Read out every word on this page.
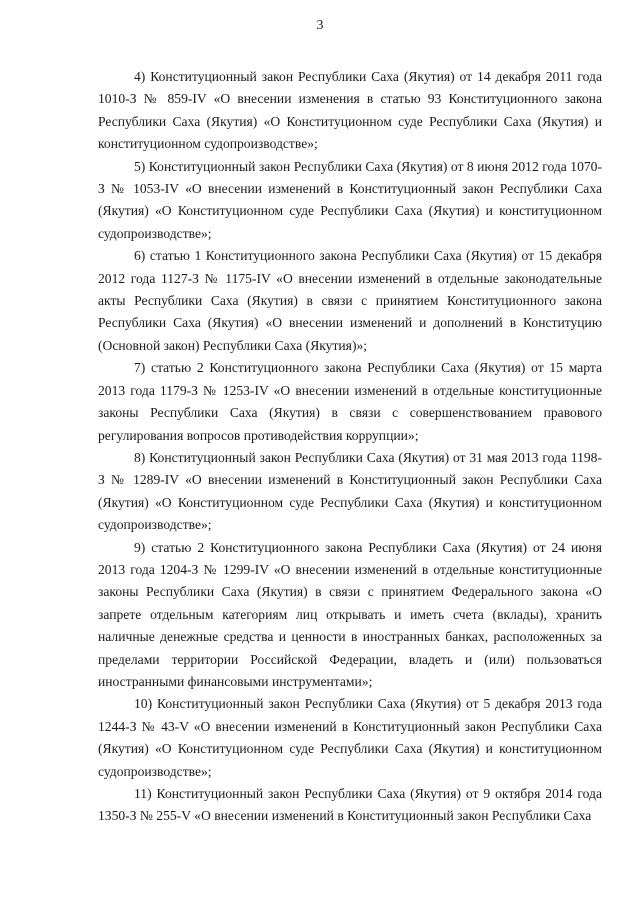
3

4) Конституционный закон Республики Саха (Якутия) от 14 декабря 2011 года 1010-З № 859-IV «О внесении изменения в статью 93 Конституционного закона Республики Саха (Якутия) «О Конституционном суде Республики Саха (Якутия) и конституционном судопроизводстве»;

5) Конституционный закон Республики Саха (Якутия) от 8 июня 2012 года 1070-З № 1053-IV «О внесении изменений в Конституционный закон Республики Саха (Якутия) «О Конституционном суде Республики Саха (Якутия) и конституционном судопроизводстве»;

6) статью 1 Конституционного закона Республики Саха (Якутия) от 15 декабря 2012 года 1127-З № 1175-IV «О внесении изменений в отдельные законодательные акты Республики Саха (Якутия) в связи с принятием Конституционного закона Республики Саха (Якутия) «О внесении изменений и дополнений в Конституцию (Основной закон) Республики Саха (Якутия)»;

7) статью 2 Конституционного закона Республики Саха (Якутия) от 15 марта 2013 года 1179-З № 1253-IV «О внесении изменений в отдельные конституционные законы Республики Саха (Якутия) в связи с совершенствованием правового регулирования вопросов противодействия коррупции»;

8) Конституционный закон Республики Саха (Якутия) от 31 мая 2013 года 1198-З № 1289-IV «О внесении изменений в Конституционный закон Республики Саха (Якутия) «О Конституционном суде Республики Саха (Якутия) и конституционном судопроизводстве»;

9) статью 2 Конституционного закона Республики Саха (Якутия) от 24 июня 2013 года 1204-З № 1299-IV «О внесении изменений в отдельные конституционные законы Республики Саха (Якутия) в связи с принятием Федерального закона «О запрете отдельным категориям лиц открывать и иметь счета (вклады), хранить наличные денежные средства и ценности в иностранных банках, расположенных за пределами территории Российской Федерации, владеть и (или) пользоваться иностранными финансовыми инструментами»;

10) Конституционный закон Республики Саха (Якутия) от 5 декабря 2013 года 1244-З № 43-V «О внесении изменений в Конституционный закон Республики Саха (Якутия) «О Конституционном суде Республики Саха (Якутия) и конституционном судопроизводстве»;

11) Конституционный закон Республики Саха (Якутия) от 9 октября 2014 года 1350-З № 255-V «О внесении изменений в Конституционный закон Республики Саха
